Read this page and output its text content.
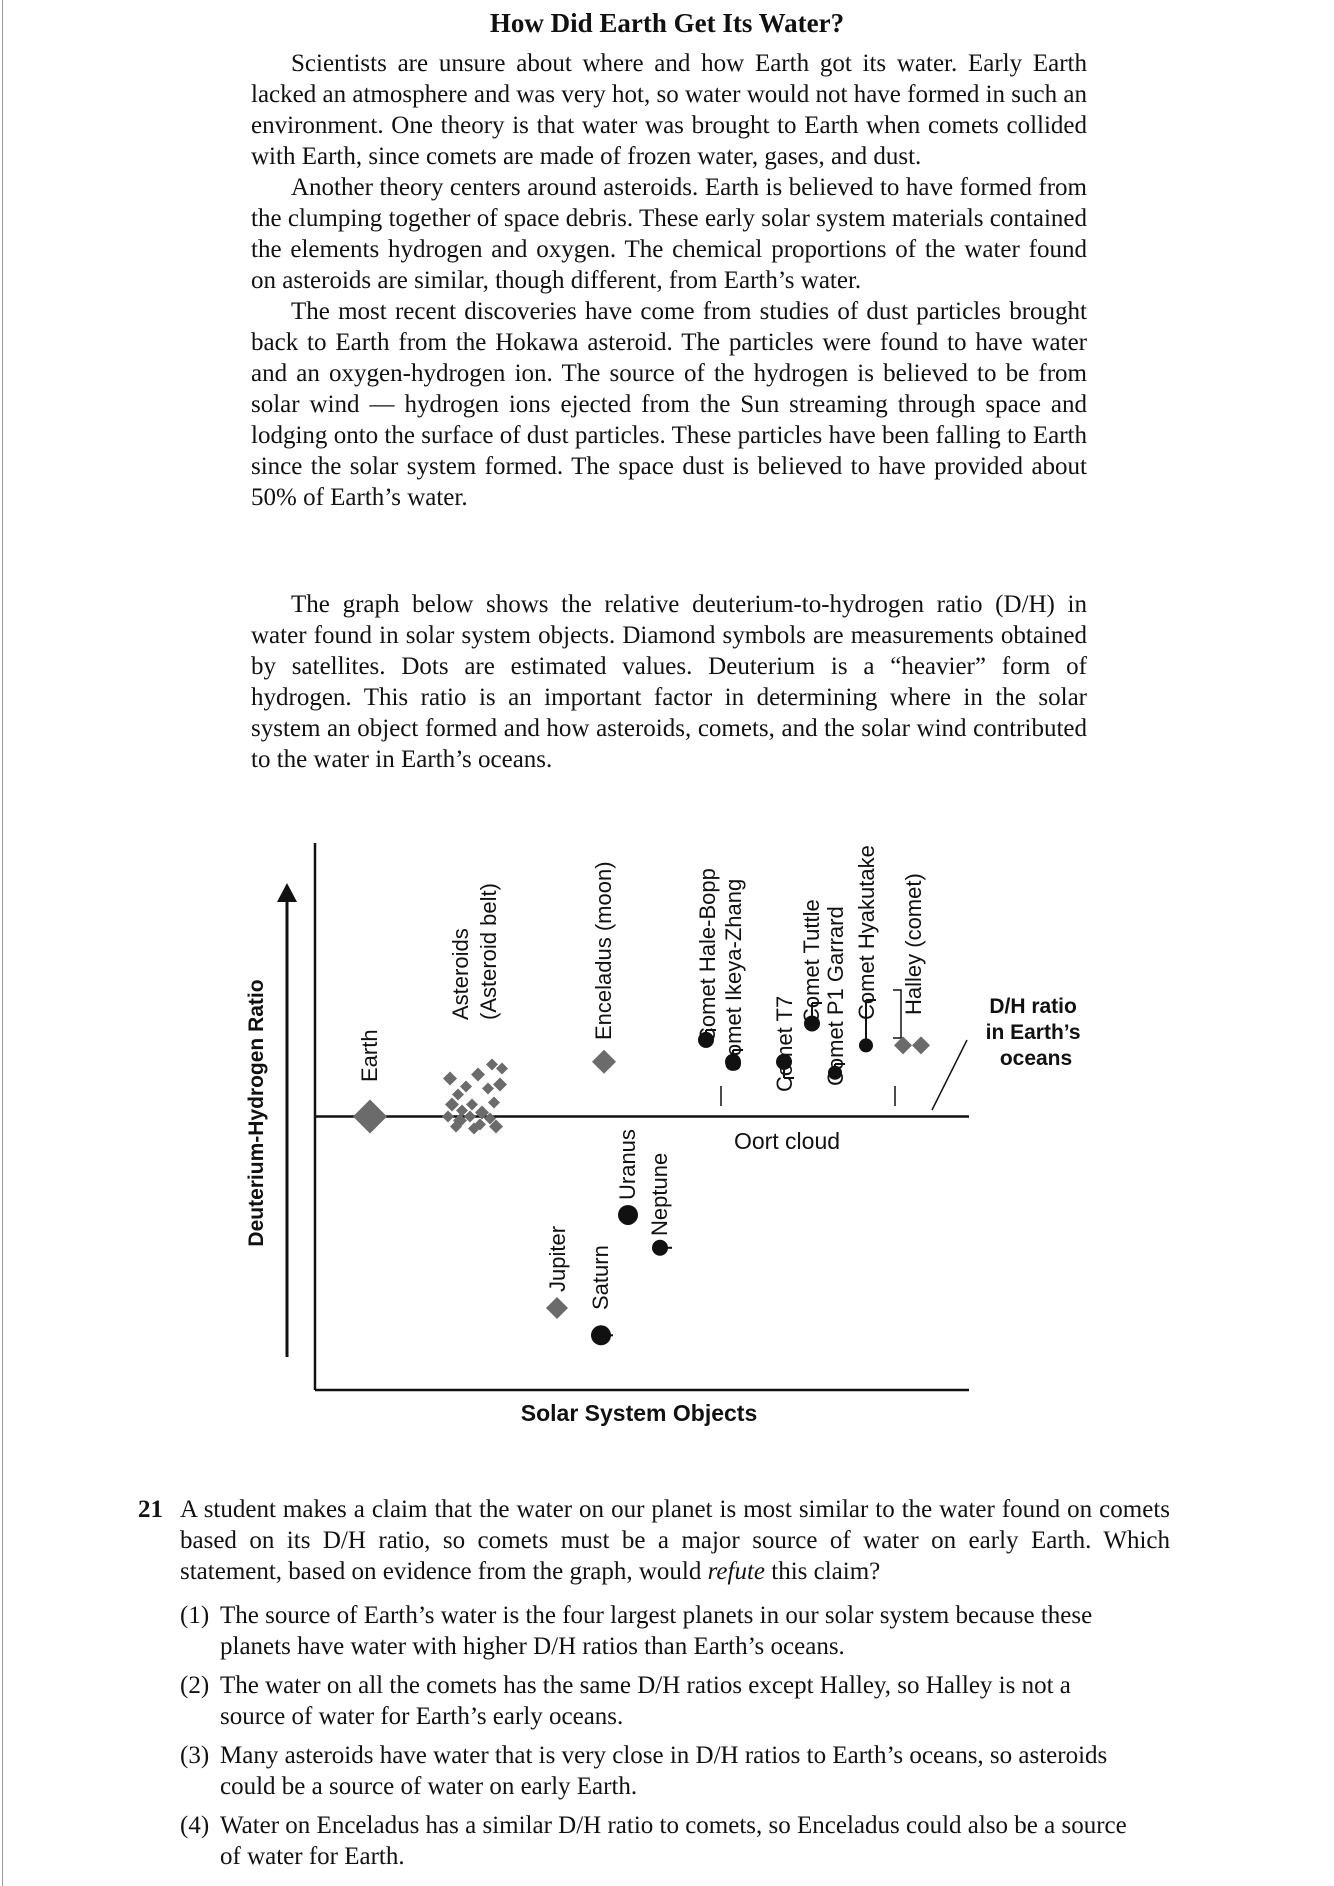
How Did Earth Get Its Water?

Scientists are unsure about where and how Earth got its water. Early Earth lacked an atmosphere and was very hot, so water would not have formed in such an environment. One theory is that water was brought to Earth when comets collided with Earth, since comets are made of frozen water, gases, and dust.

Another theory centers around asteroids. Earth is believed to have formed from the clumping together of space debris. These early solar system materials contained the elements hydrogen and oxygen. The chemical proportions of the water found on asteroids are similar, though different, from Earth’s water.

The most recent discoveries have come from studies of dust particles brought back to Earth from the Hokawa asteroid. The particles were found to have water and an oxygen-hydrogen ion. The source of the hydrogen is believed to be from solar wind — hydrogen ions ejected from the Sun streaming through space and lodging onto the surface of dust particles. These particles have been falling to Earth since the solar system formed. The space dust is believed to have provided about 50% of Earth’s water.

The graph below shows the relative deuterium-to-hydrogen ratio (D/H) in water found in solar system objects. Diamond symbols are measurements obtained by satellites. Dots are estimated values. Deuterium is a “heavier” form of hydrogen. This ratio is an important factor in determining where in the solar system an object formed and how asteroids, comets, and the solar wind contributed to the water in Earth’s oceans.

Deuterium-Hydrogen Ratio
Solar System Objects
D/H ratio in Earth’s oceans
Oort cloud
Earth
Asteroids (Asteroid belt)	Enceladus (moon)
Jupiter Saturn
Uranus Neptune
Comet Hale-Bopp Comet Ikeya-Zhang Comet T7
Comet Tuttle Comet P1 Garrard Comet Hyakutake Halley (comet)
21 A student makes a claim that the water on our planet is most similar to the water found on comets based on its D/H ratio, so comets must be a major source of water on early Earth. Which statement, based on evidence from the graph, would refute this claim?
(1) The source of Earth’s water is the four largest planets in our solar system because these planets have water with higher D/H ratios than Earth’s oceans.
(2) The water on all the comets has the same D/H ratios except Halley, so Halley is not a source of water for Earth’s early oceans.
(3) Many asteroids have water that is very close in D/H ratios to Earth’s oceans, so asteroids could be a source of water on early Earth.
(4) Water on Enceladus has a similar D/H ratio to comets, so Enceladus could also be a source of water for Earth.
